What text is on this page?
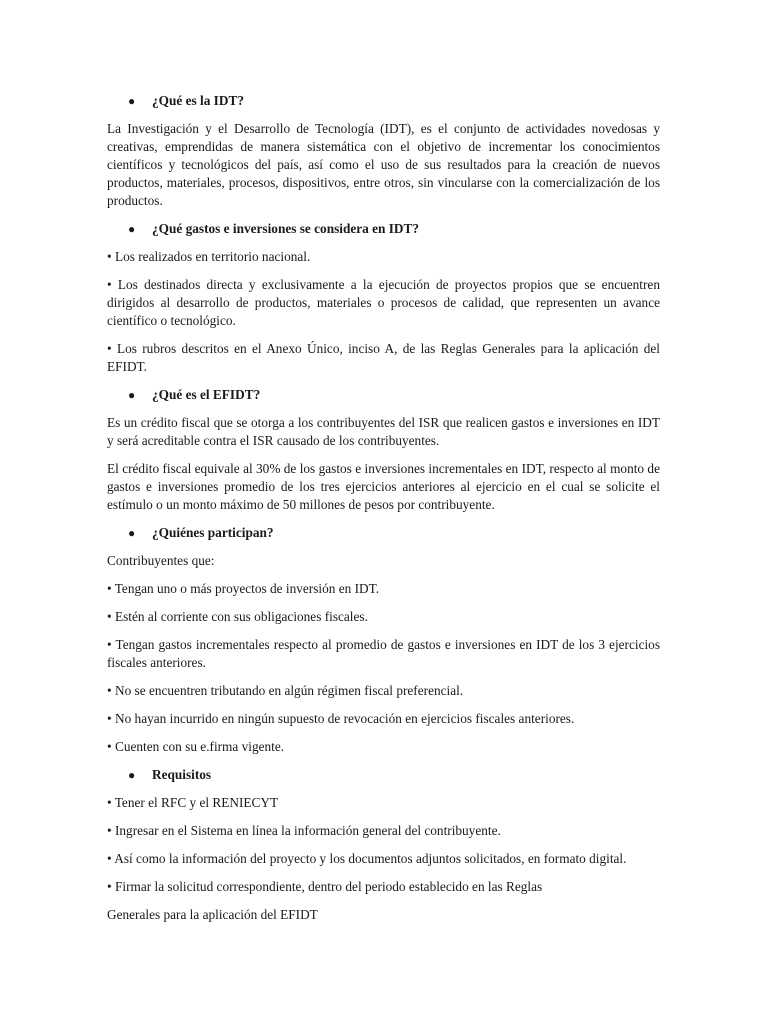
● ¿Qué es la IDT?

La Investigación y el Desarrollo de Tecnología (IDT), es el conjunto de actividades novedosas y creativas, emprendidas de manera sistemática con el objetivo de incrementar los conocimientos científicos y tecnológicos del país, así como el uso de sus resultados para la creación de nuevos productos, materiales, procesos, dispositivos, entre otros, sin vincularse con la comercialización de los productos.

● ¿Qué gastos e inversiones se considera en IDT?

• Los realizados en territorio nacional.

• Los destinados directa y exclusivamente a la ejecución de proyectos propios que se encuentren dirigidos al desarrollo de productos, materiales o procesos de calidad, que representen un avance científico o tecnológico.

• Los rubros descritos en el Anexo Único, inciso A, de las Reglas Generales para la aplicación del EFIDT.

● ¿Qué es el EFIDT?

Es un crédito fiscal que se otorga a los contribuyentes del ISR que realicen gastos e inversiones en IDT y será acreditable contra el ISR causado de los contribuyentes.

El crédito fiscal equivale al 30% de los gastos e inversiones incrementales en IDT, respecto al monto de gastos e inversiones promedio de los tres ejercicios anteriores al ejercicio en el cual se solicite el estímulo o un monto máximo de 50 millones de pesos por contribuyente.

● ¿Quiénes participan?

Contribuyentes que:

• Tengan uno o más proyectos de inversión en IDT.

• Estén al corriente con sus obligaciones fiscales.

• Tengan gastos incrementales respecto al promedio de gastos e inversiones en IDT de los 3 ejercicios fiscales anteriores.

• No se encuentren tributando en algún régimen fiscal preferencial.

• No hayan incurrido en ningún supuesto de revocación en ejercicios fiscales anteriores.

• Cuenten con su e.firma vigente.

● Requisitos

• Tener el RFC y el RENIECYT

• Ingresar en el Sistema en línea la información general del contribuyente.

• Así como la información del proyecto y los documentos adjuntos solicitados, en formato digital.

• Firmar la solicitud correspondiente, dentro del periodo establecido en las Reglas

Generales para la aplicación del EFIDT
